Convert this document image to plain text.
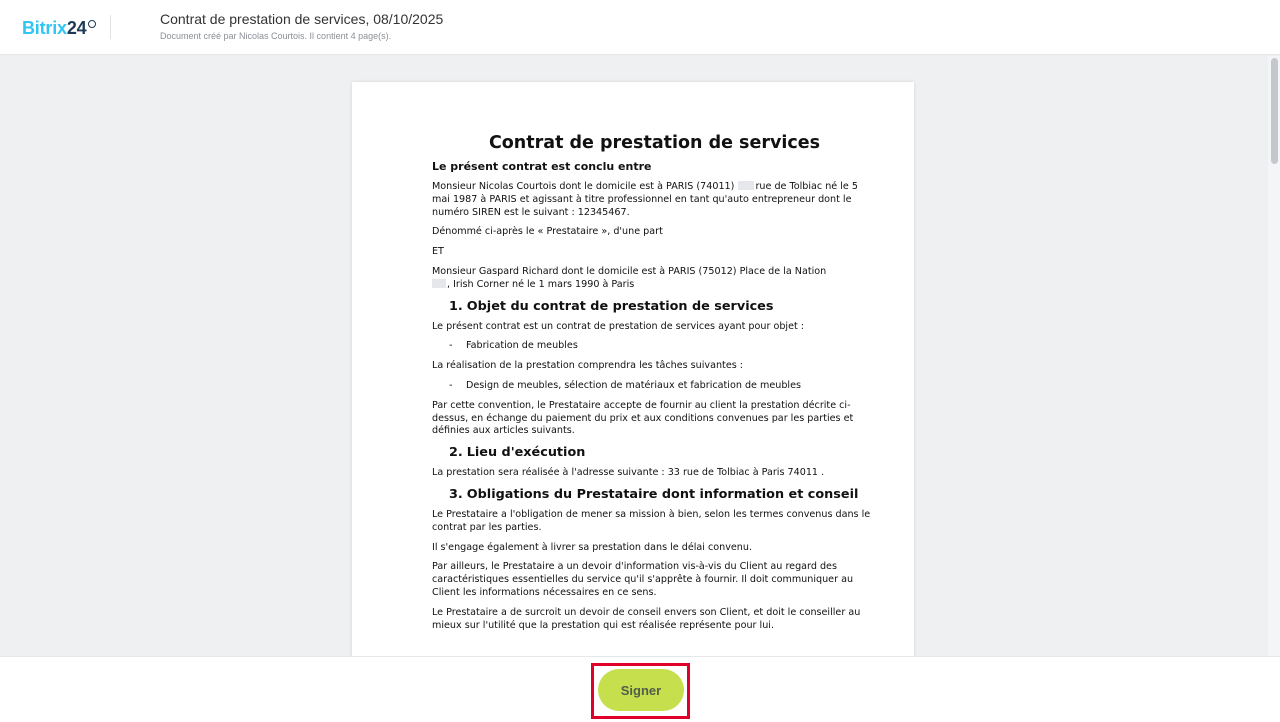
Bitrix24	Contrat de prestation de services, 08/10/2025
Document créé par Nicolas Courtois. Il contient 4 page(s).
Contrat de prestation de services
Le présent contrat est conclu entre
Monsieur Nicolas Courtois dont le domicile est à PARIS (74011) rue de Tolbiac né le 5 mai 1987 à PARIS et agissant à titre professionnel en tant qu'auto entrepreneur dont le numéro SIREN est le suivant : 12345467.
Dénommé ci-après le « Prestataire », d'une part
ET
Monsieur Gaspard Richard dont le domicile est à PARIS (75012) Place de la Nation
, Irish Corner né le 1 mars 1990 à Paris
1. Objet du contrat de prestation de services
Le présent contrat est un contrat de prestation de services ayant pour objet :
- Fabrication de meubles
La réalisation de la prestation comprendra les tâches suivantes :
- Design de meubles, sélection de matériaux et fabrication de meubles
Par cette convention, le Prestataire accepte de fournir au client la prestation décrite ci-dessus, en échange du paiement du prix et aux conditions convenues par les parties et définies aux articles suivants.
2. Lieu d'exécution
La prestation sera réalisée à l'adresse suivante : 33 rue de Tolbiac à Paris 74011 .
3. Obligations du Prestataire dont information et conseil
Le Prestataire a l'obligation de mener sa mission à bien, selon les termes convenus dans le contrat par les parties.
Il s'engage également à livrer sa prestation dans le délai convenu.
Par ailleurs, le Prestataire a un devoir d'information vis-à-vis du Client au regard des caractéristiques essentielles du service qu'il s'apprête à fournir. Il doit communiquer au Client les informations nécessaires en ce sens.
Le Prestataire a de surcroit un devoir de conseil envers son Client, et doit le conseiller au mieux sur l'utilité que la prestation qui est réalisée représente pour lui.
Signer
